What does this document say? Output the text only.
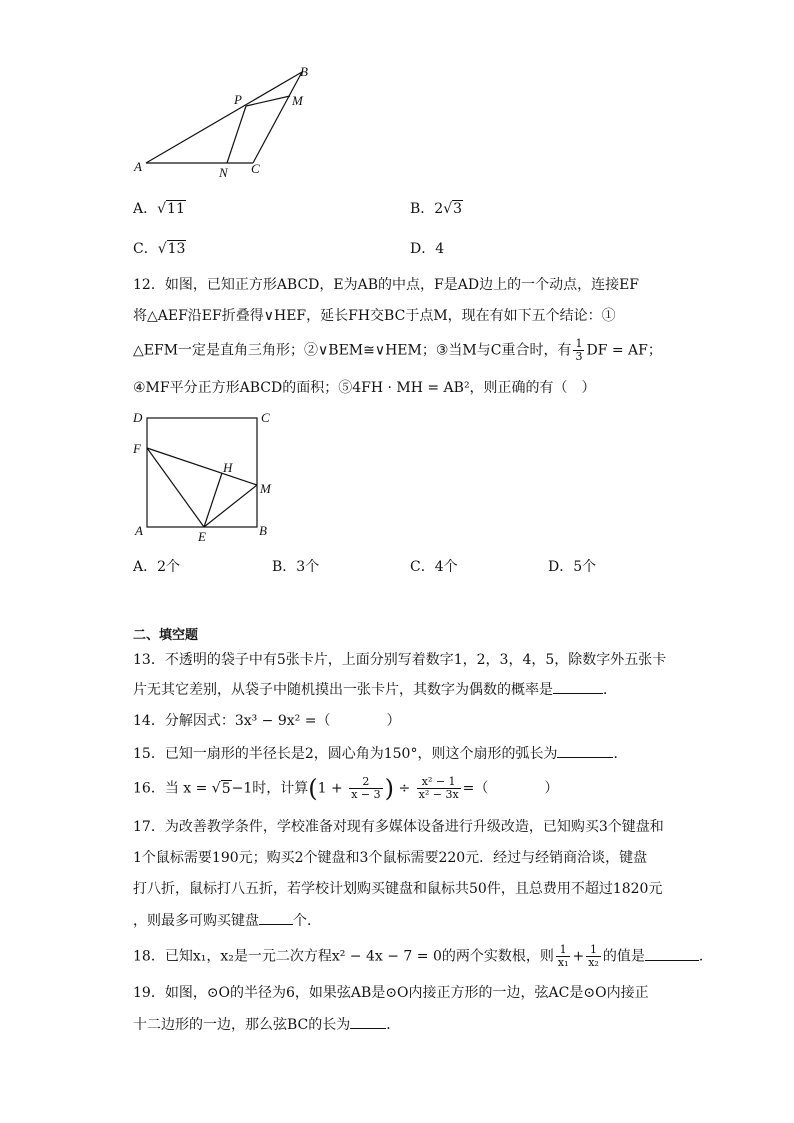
B
P	M
A	N C
A．√11	B．2√3
C．√13	D．4
12．如图，已知正方形ABCD，E为AB的中点，F是AD边上的一个动点，连接EF
将△AEF沿EF折叠得∨HEF，延长FH交BC于点M，现在有如下五个结论：①
△EFM一定是直角三角形；②∨BEM≅∨HEM；③当M与C重合时，有 $\frac{1}{3}$ DF = AF；
④MF平分正方形ABCD的面积；⑤4FH · MH = AB²，则正确的有（　）
D	C
F
H
M
A	E	B
A．2个	B．3个	C．4个	D．5个
二、填空题
13．不透明的袋子中有5张卡片，上面分别写着数字1，2，3，4，5，除数字外五张卡
片无其它差别，从袋子中随机摸出一张卡片，其数字为偶数的概率是	．
14．分解因式：3x³ − 9x² =（　　　　）
15．已知一扇形的半径长是2，圆心角为150°，则这个扇形的弧长为	．
16．当 x = √5−1时，计算($1 + \frac{2}{x - 3}$ ) ÷ $\frac{\text{x² − 1}}{\text{x² − 3x}}$ =（　　　　）
17．为改善教学条件，学校准备对现有多媒体设备进行升级改造，已知购买3个键盘和
1个鼠标需要190元；购买2个键盘和3个鼠标需要220元．经过与经销商洽谈，键盘
打八折，鼠标打八五折，若学校计划购买键盘和鼠标共50件，且总费用不超过1820元
，则最多可购买键盘 个．
18．已知x₁，x₂是一元二次方程x² − 4x − 7 = 0的两个实数根，则 $\frac{1}{\text{x₁}} + \frac{1}{\text{x₂}}$ 的值是	．
19．如图，⊙O的半径为6，如果弦AB是⊙O内接正方形的一边，弦AC是⊙O内接正
十二边形的一边，那么弦BC的长为	．
